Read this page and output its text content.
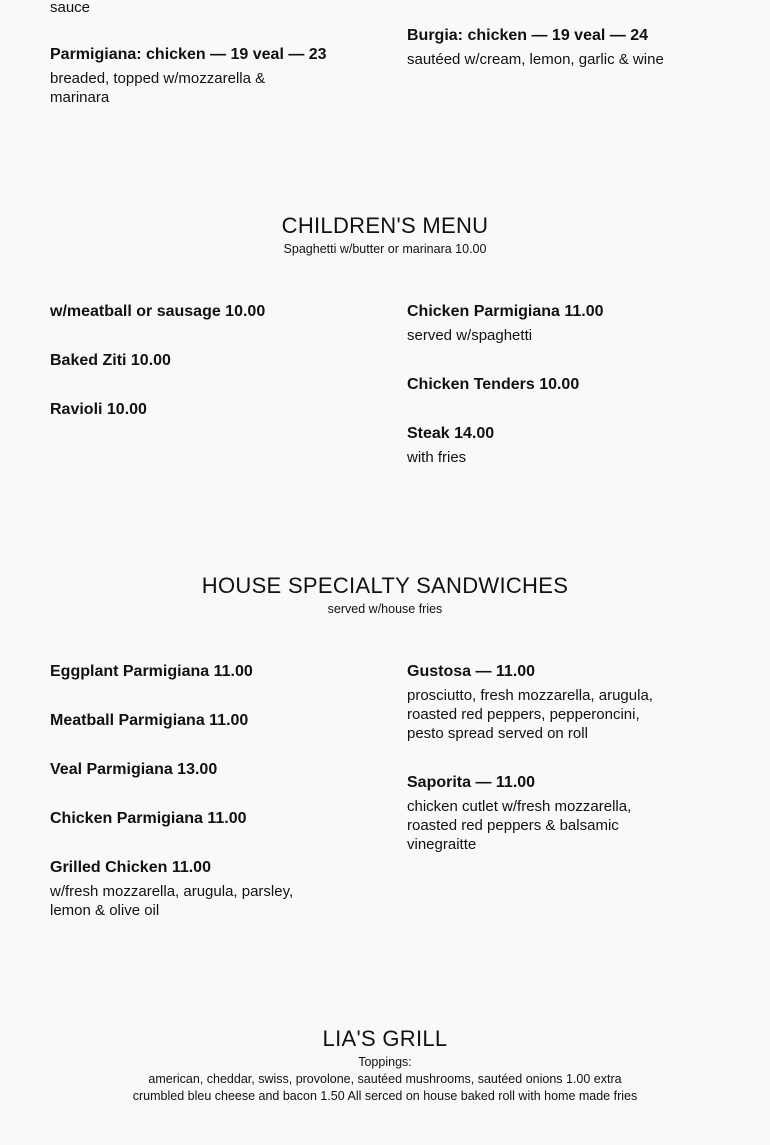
sauce

Parmigiana: chicken — 19 veal — 23

breaded, topped w/mozzarella & marinara

Burgia: chicken — 19 veal — 24

sautéed w/cream, lemon, garlic & wine

CHILDREN'S MENU
Spaghetti w/butter or marinara 10.00

w/meatball or sausage 10.00

Baked Ziti 10.00

Ravioli 10.00

Chicken Parmigiana 11.00

served w/spaghetti

Chicken Tenders 10.00

Steak 14.00

with fries

HOUSE SPECIALTY SANDWICHES
served w/house fries

Eggplant Parmigiana 11.00

Meatball Parmigiana 11.00

Veal Parmigiana 13.00

Chicken Parmigiana 11.00

Grilled Chicken 11.00

w/fresh mozzarella, arugula, parsley, lemon & olive oil

Gustosa — 11.00

prosciutto, fresh mozzarella, arugula, roasted red peppers, pepperoncini, pesto spread served on roll

Saporita — 11.00

chicken cutlet w/fresh mozzarella, roasted red peppers & balsamic vinegraitte

LIA'S GRILL
Toppings:
american, cheddar, swiss, provolone, sautéed mushrooms, sautéed onions 1.00 extra
crumbled bleu cheese and bacon 1.50 All serced on house baked roll with home made fries
